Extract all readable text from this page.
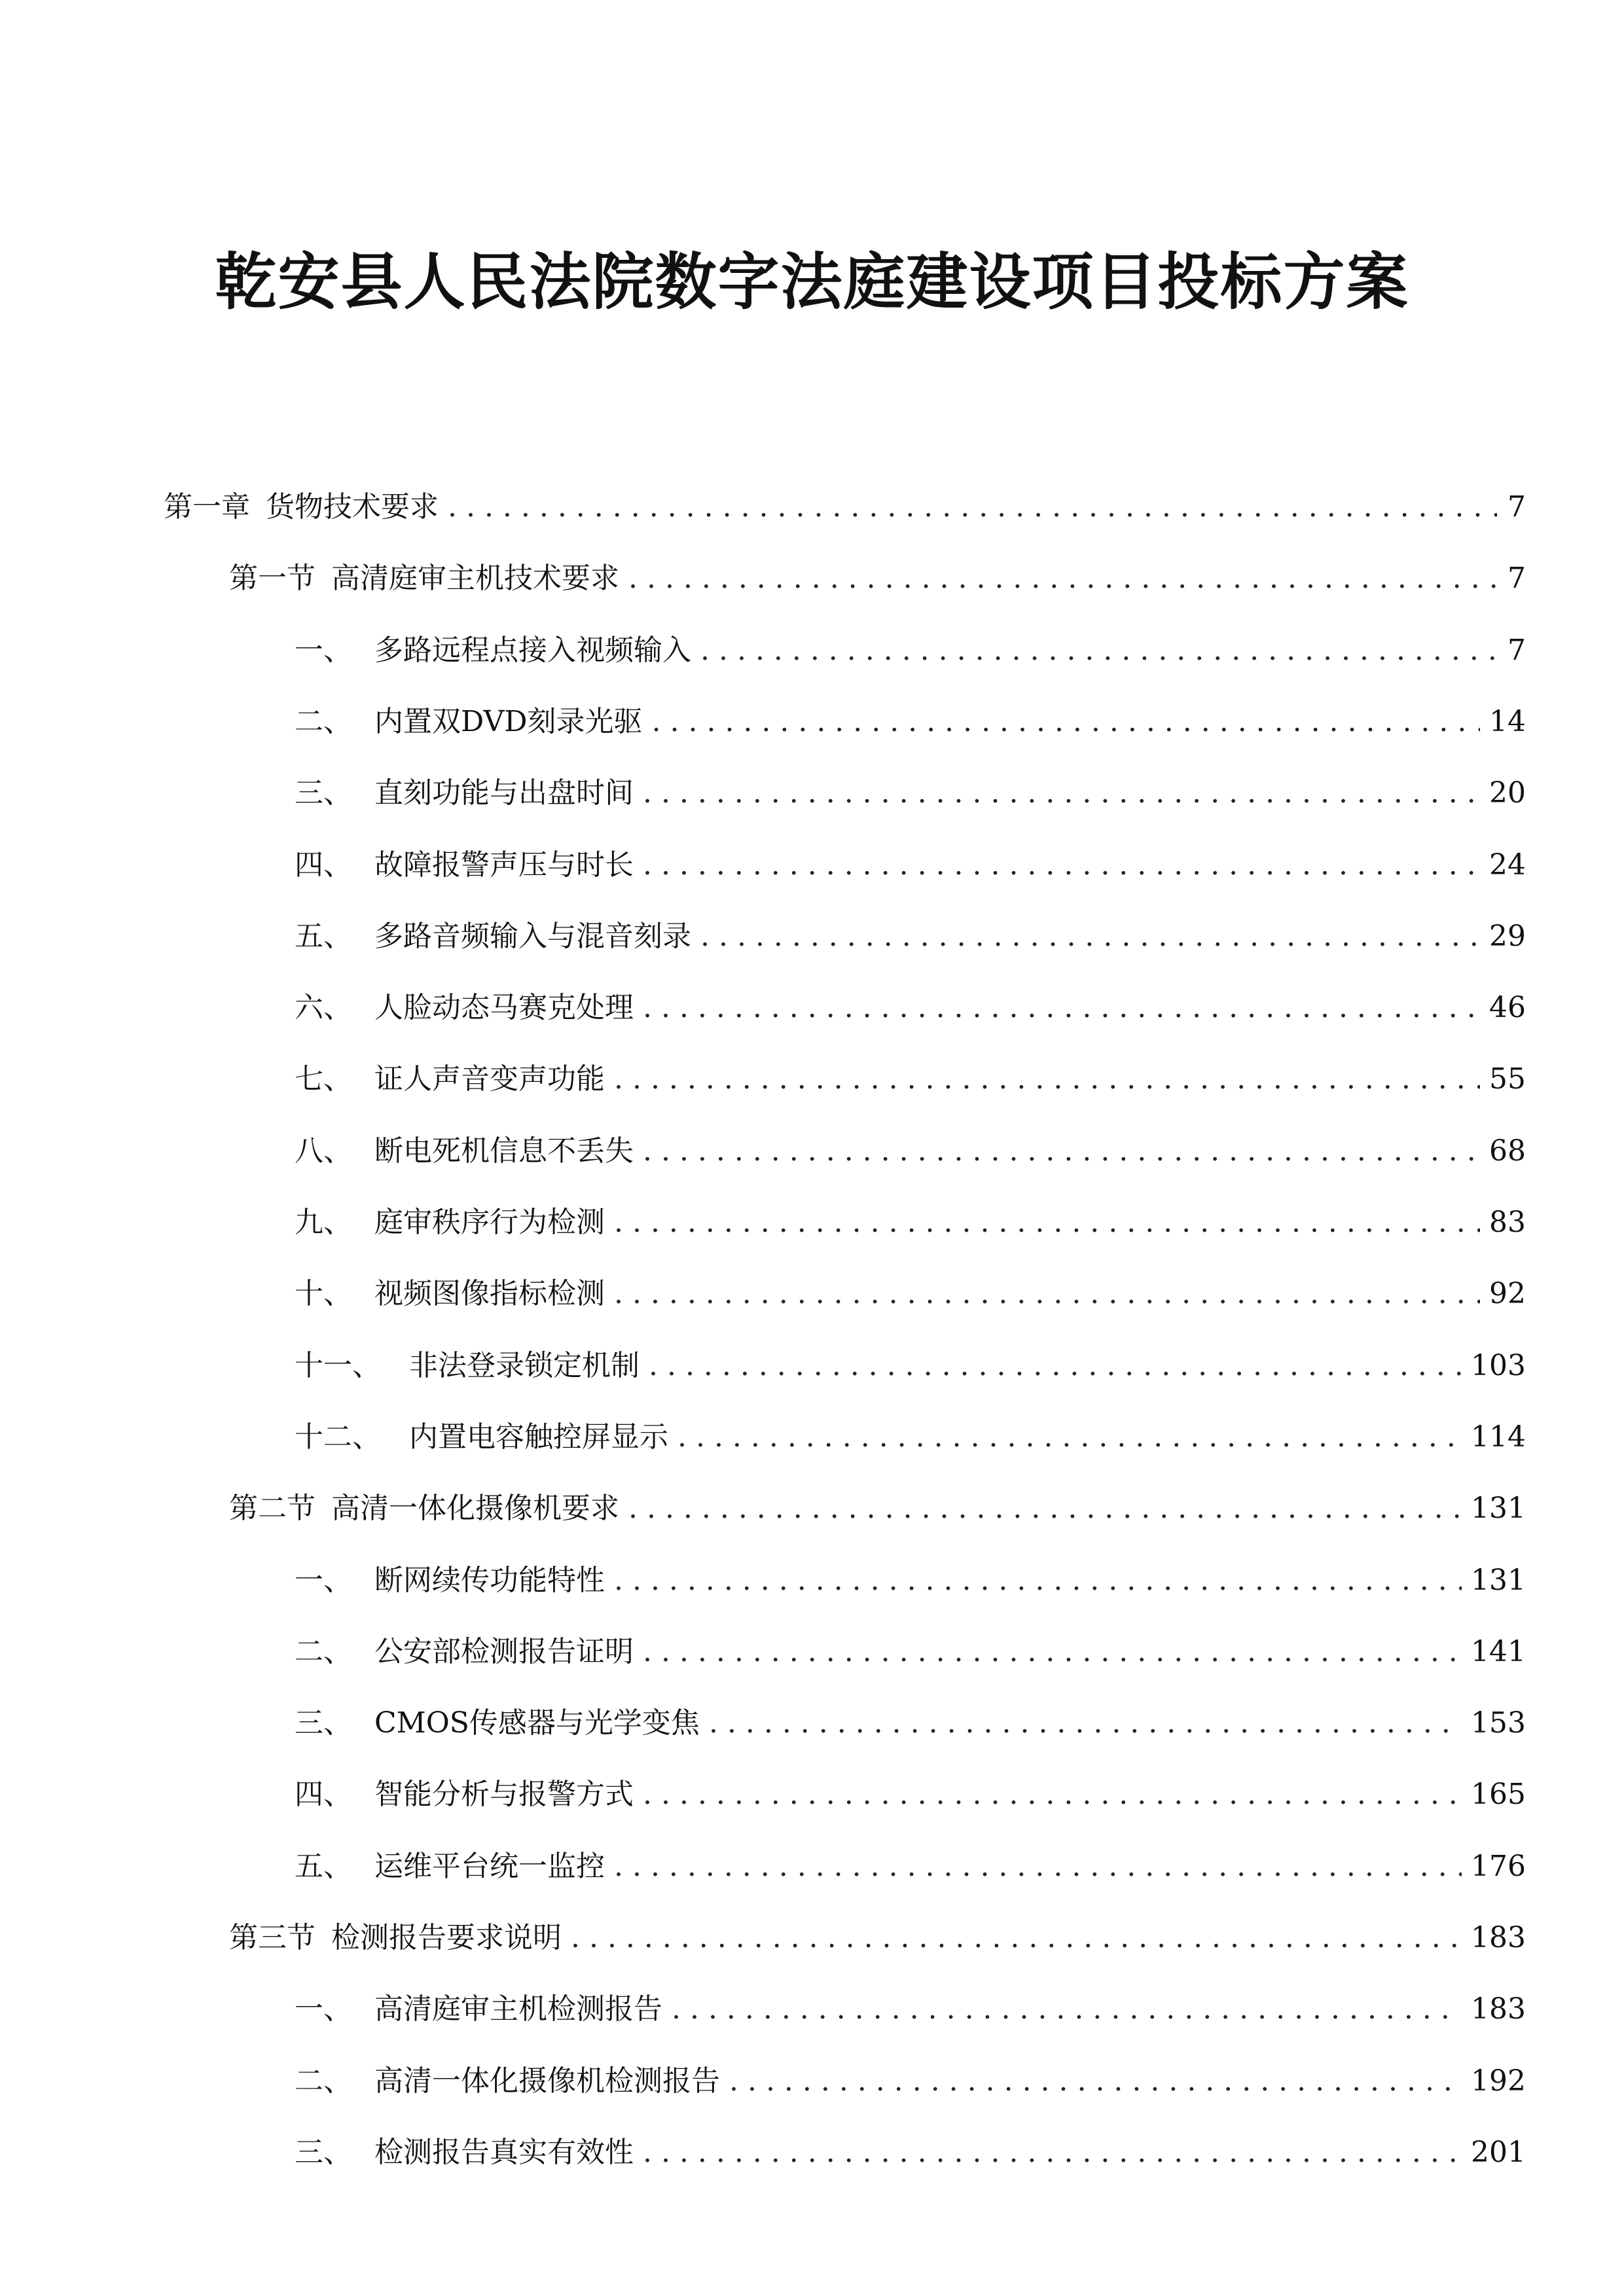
乾安县人民法院数字法庭建设项目投标方案
第一章 货物技术要求 . . .	7
第一节 高清庭审主机技术要求 . . .	7
一、 多路远程点接入视频输入 . . .	7
二、 内置双DVD刻录光驱 . . .	14
三、 直刻功能与出盘时间 . . .	20
四、 故障报警声压与时长 . . .	24
五、 多路音频输入与混音刻录 . . .	29
六、 人脸动态马赛克处理 . . .	46
七、 证人声音变声功能 . . .	55
八、 断电死机信息不丢失 . . .	68
九、 庭审秩序行为检测 . . .	83
十、 视频图像指标检测 . . .	92
十一、 非法登录锁定机制 . . .	103
十二、 内置电容触控屏显示 . . .	114
第二节 高清一体化摄像机要求 . . .	131
一、 断网续传功能特性 . . .	131
二、 公安部检测报告证明 . . .	141
三、 CMOS传感器与光学变焦 . . .	153
四、 智能分析与报警方式 . . .	165
五、 运维平台统一监控 . . .	176
第三节 检测报告要求说明 . . .	183
一、 高清庭审主机检测报告 . . .	183
二、 高清一体化摄像机检测报告 . . .	192
三、 检测报告真实有效性 . . .	201
